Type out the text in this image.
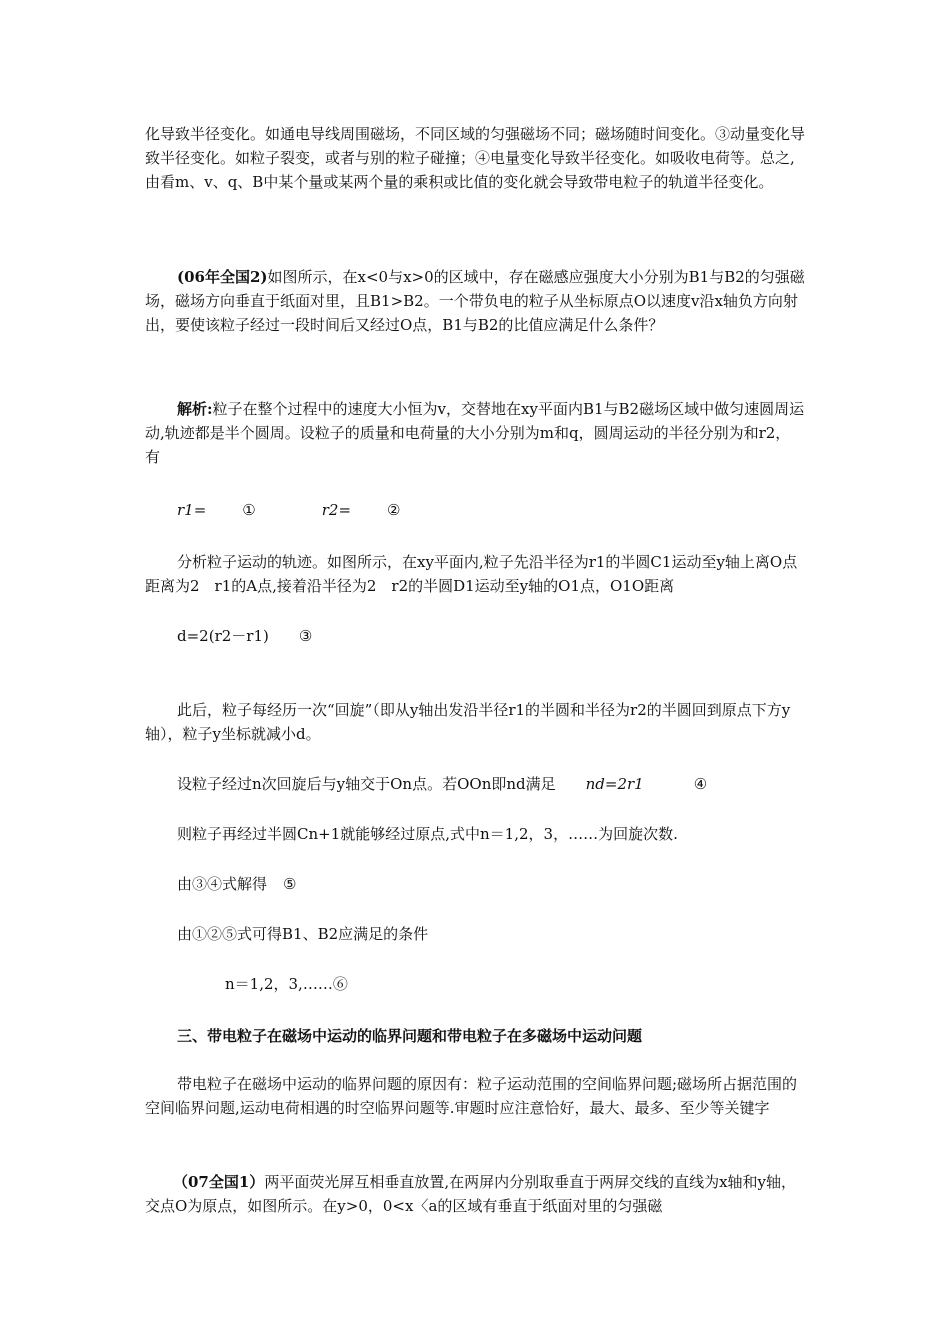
化导致半径变化。如通电导线周围磁场，不同区域的匀强磁场不同；磁场随时间变化。③动量变化导致半径变化。如粒子裂变，或者与别的粒子碰撞；④电量变化导致半径变化。如吸收电荷等。总之,由看m、v、q、B中某个量或某两个量的乘积或比值的变化就会导致带电粒子的轨道半径变化。

(06年全国2)如图所示，在x<0与x>0的区域中，存在磁感应强度大小分别为B1与B2的匀强磁场，磁场方向垂直于纸面对里，且B1>B2。一个带负电的粒子从坐标原点O以速度v沿x轴负方向射出，要使该粒子经过一段时间后又经过O点，B1与B2的比值应满足什么条件？

解析:粒子在整个过程中的速度大小恒为v，交替地在xy平面内B1与B2磁场区域中做匀速圆周运动,轨迹都是半个圆周。设粒子的质量和电荷量的大小分别为m和q，圆周运动的半径分别为和r2，有

r1= ①	r2= ②

分析粒子运动的轨迹。如图所示，在xy平面内,粒子先沿半径为r1的半圆C1运动至y轴上离O点距离为2　r1的A点,接着沿半径为2　r2的半圆D1运动至y轴的O1点，O1O距离

d=2(r2－r1) ③

此后，粒子每经历一次“回旋”（即从y轴出发沿半径r1的半圆和半径为r2的半圆回到原点下方y轴），粒子y坐标就减小d。

设粒子经过n次回旋后与y轴交于On点。若OOn即nd满足 nd=2r1	④
则粒子再经过半圆Cn+1就能够经过原点,式中n＝1,2，3，……为回旋次数.
由③④式解得 ⑤
由①②⑤式可得B1、B2应满足的条件
n＝1,2，3,……⑥
三、带电粒子在磁场中运动的临界问题和带电粒子在多磁场中运动问题

带电粒子在磁场中运动的临界问题的原因有：粒子运动范围的空间临界问题;磁场所占据范围的空间临界问题,运动电荷相遇的时空临界问题等.审题时应注意恰好，最大、最多、至少等关键字

（07全国1）两平面荧光屏互相垂直放置,在两屏内分别取垂直于两屏交线的直线为x轴和y轴，交点O为原点，如图所示。在y>0，0<x〈a的区域有垂直于纸面对里的匀强磁
